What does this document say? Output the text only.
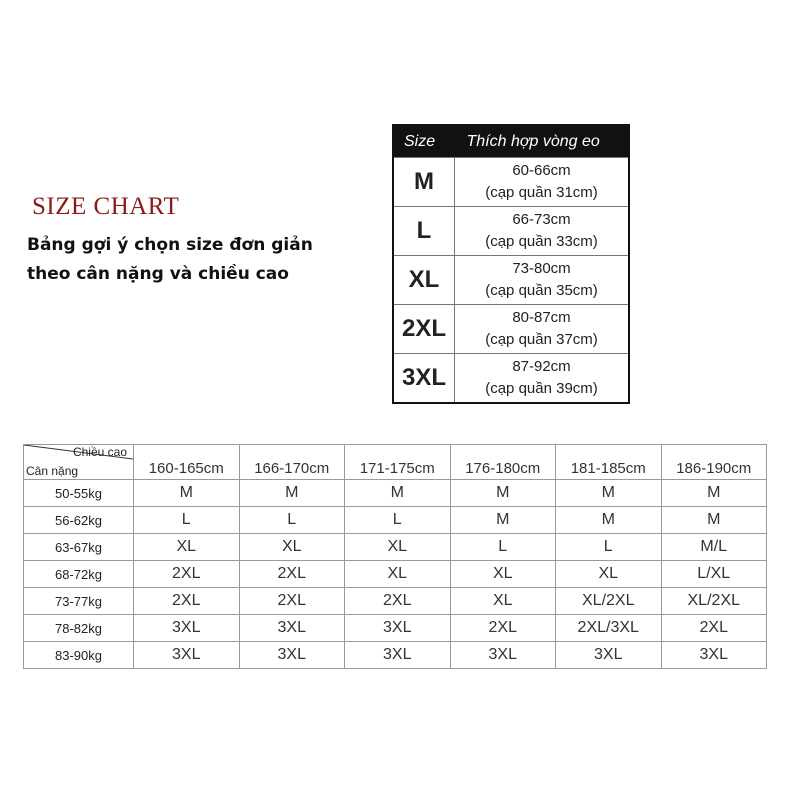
SIZE CHART
Bảng gợi ý chọn size đơn giản theo cân nặng và chiều cao
Size	Thích hợp vòng eo
M	60-66cm
(cạp quần 31cm)

L	66-73cm
(cạp quần 33cm)

XL	73-80cm
(cạp quần 35cm)

2XL	80-87cm
(cạp quần 37cm)

3XL	87-92cm
(cạp quần 39cm)
Chiều cao
Cân nặng	160-165cm	166-170cm	171-175cm	176-180cm	181-185cm	186-190cm
50-55kg	M	M	M	M	M	M
56-62kg	L	L	L	M	M	M
63-67kg	XL	XL	XL	L	L	M/L
68-72kg	2XL	2XL	XL	XL	XL	L/XL
73-77kg	2XL	2XL	2XL	XL	XL/2XL	XL/2XL
78-82kg	3XL	3XL	3XL	2XL	2XL/3XL	2XL
83-90kg	3XL	3XL	3XL	3XL	3XL	3XL
